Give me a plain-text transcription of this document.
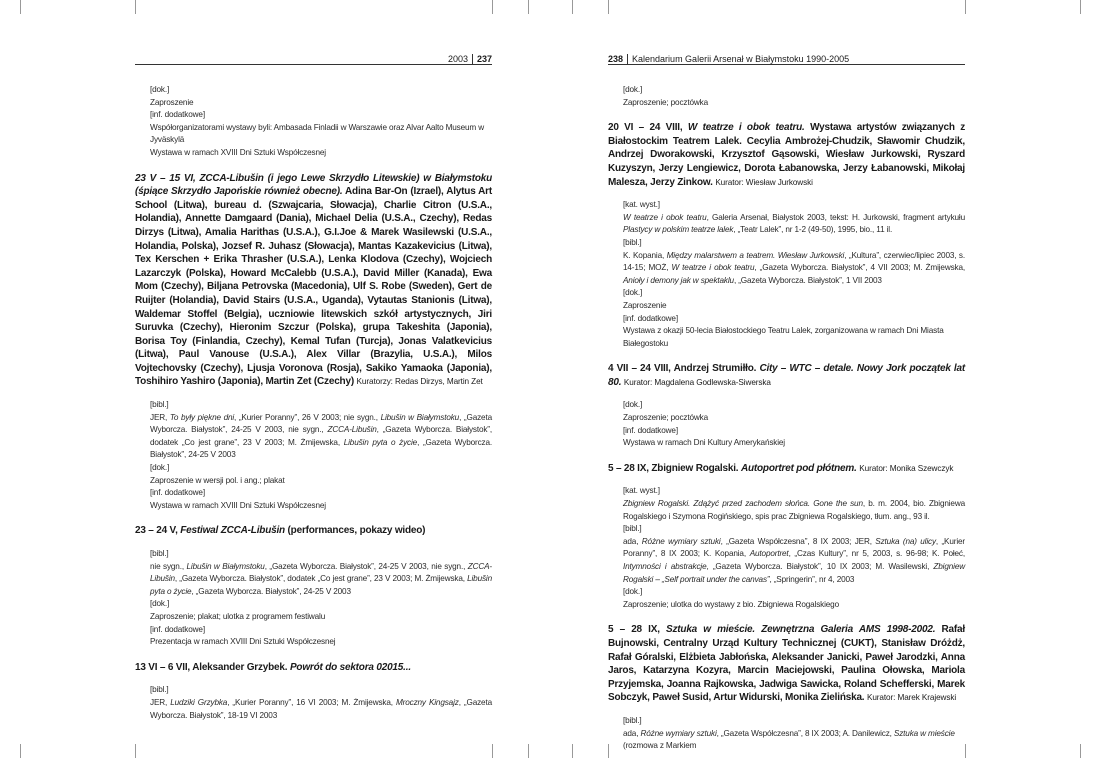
2003 237
[dok.]
Zaproszenie
[inf. dodatkowe]
Współorganizatorami wystawy byli: Ambasada Finladii w Warszawie oraz Alvar Aalto Museum w Jyväskylä
Wystawa w ramach XVIII Dni Sztuki Współczesnej
23 V – 15 VI, ZCCA-Libušin (i jego Lewe Skrzydło Litewskie) w Białymstoku (śpiące Skrzydło Japońskie również obecne). Adina Bar-On (Izrael), Alytus Art School (Litwa), bureau d. (Szwajcaria, Słowacja), Charlie Citron (U.S.A., Holandia), Annette Damgaard (Dania), Michael Delia (U.S.A., Czechy), Redas Dirzys (Litwa), Amalia Harithas (U.S.A.), G.I.Joe & Marek Wasilewski (U.S.A., Holandia, Polska), Jozsef R. Juhasz (Słowacja), Mantas Kazakevicius (Litwa), Tex Kerschen + Erika Thrasher (U.S.A.), Lenka Klodova (Czechy), Wojciech Lazarczyk (Polska), Howard McCalebb (U.S.A.), David Miller (Kanada), Ewa Mom (Czechy), Biljana Petrovska (Macedonia), Ulf S. Robe (Sweden), Gert de Ruijter (Holandia), David Stairs (U.S.A., Uganda), Vytautas Stanionis (Litwa), Waldemar Stoffel (Belgia), uczniowie litewskich szkół artystycznych, Jiri Suruvka (Czechy), Hieronim Szczur (Polska), grupa Takeshita (Japonia), Borisa Toy (Finlandia, Czechy), Kemal Tufan (Turcja), Jonas Valatkevicius (Litwa), Paul Vanouse (U.S.A.), Alex Villar (Brazylia, U.S.A.), Milos Vojtechovsky (Czechy), Ljusja Voronova (Rosja), Sakiko Yamaoka (Japonia), Toshihiro Yashiro (Japonia), Martin Zet (Czechy) Kuratorzy: Redas Dirzys, Martin Zet
[bibl.]
JER, To były piękne dni, „Kurier Poranny”, 26 V 2003; nie sygn., Libušin w Białymstoku, „Gazeta Wyborcza. Białystok”, 24-25 V 2003, nie sygn., ZCCA-Libušin, „Gazeta Wyborcza. Białystok”, dodatek „Co jest grane”, 23 V 2003; M. Żmijewska, Libušin pyta o życie, „Gazeta Wyborcza. Białystok”, 24-25 V 2003
[dok.]
Zaproszenie w wersji pol. i ang.; plakat
[inf. dodatkowe]
Wystawa w ramach XVIII Dni Sztuki Współczesnej
23 – 24 V, Festiwal ZCCA-Libušin (performances, pokazy wideo)
[bibl.]
nie sygn., Libušin w Białymstoku, „Gazeta Wyborcza. Białystok”, 24-25 V 2003, nie sygn., ZCCA-Libušin, „Gazeta Wyborcza. Białystok”, dodatek „Co jest grane”, 23 V 2003; M. Żmijewska, Libušin pyta o życie, „Gazeta Wyborcza. Białystok”, 24-25 V 2003
[dok.]
Zaproszenie; plakat; ulotka z programem festiwalu
[inf. dodatkowe]
Prezentacja w ramach XVIII Dni Sztuki Współczesnej
13 VI – 6 VII, Aleksander Grzybek. Powrót do sektora 02015...
[bibl.]
JER, Ludziki Grzybka, „Kurier Poranny”, 16 VI 2003; M. Żmijewska, Mroczny Kingsajz, „Gazeta Wyborcza. Białystok”, 18-19 VI 2003
238 Kalendarium Galerii Arsenał w Białymstoku 1990-2005
[dok.]
Zaproszenie; pocztówka
20 VI – 24 VIII, W teatrze i obok teatru. Wystawa artystów związanych z Białostockim Teatrem Lalek. Cecylia Ambrożej-Chudzik, Sławomir Chudzik, Andrzej Dworakowski, Krzysztof Gąsowski, Wiesław Jurkowski, Ryszard Kuzyszyn, Jerzy Lengiewicz, Dorota Łabanowska, Jerzy Łabanowski, Mikołaj Malesza, Jerzy Zinkow. Kurator: Wiesław Jurkowski
[kat. wyst.]
W teatrze i obok teatru, Galeria Arsenał, Białystok 2003, tekst: H. Jurkowski, fragment artykułu Plastycy w polskim teatrze lalek, „Teatr Lalek”, nr 1-2 (49-50), 1995, bio., 11 il.
[bibl.]
K. Kopania, Między malarstwem a teatrem. Wiesław Jurkowski, „Kultura”, czerwiec/lipiec 2003, s. 14-15; MOŻ, W teatrze i obok teatru, „Gazeta Wyborcza. Białystok”, 4 VII 2003; M. Żmijewska, Anioły i demony jak w spektaklu, „Gazeta Wyborcza. Białystok”, 1 VII 2003
[dok.]
Zaproszenie
[inf. dodatkowe]
Wystawa z okazji 50-lecia Białostockiego Teatru Lalek, zorganizowana w ramach Dni Miasta Białegostoku
4 VII – 24 VIII, Andrzej Strumiłło. City – WTC – detale. Nowy Jork początek lat 80. Kurator: Magdalena Godlewska-Siwerska
[dok.]
Zaproszenie; pocztówka
[inf. dodatkowe]
Wystawa w ramach Dni Kultury Amerykańskiej
5 – 28 IX, Zbigniew Rogalski. Autoportret pod płótnem. Kurator: Monika Szewczyk
[kat. wyst.]
Zbigniew Rogalski. Zdążyć przed zachodem słońca. Gone the sun, b. m. 2004, bio. Zbigniewa Rogalskiego i Szymona Rogińskiego, spis prac Zbigniewa Rogalskiego, tłum. ang., 93 il.
[bibl.]
ada, Różne wymiary sztuki, „Gazeta Współczesna”, 8 IX 2003; JER, Sztuka (na) ulicy, „Kurier Poranny”, 8 IX 2003; K. Kopania, Autoportret, „Czas Kultury”, nr 5, 2003, s. 96-98; K. Połeć, Intymności i abstrakcje, „Gazeta Wyborcza. Białystok”, 10 IX 2003; M. Wasilewski, Zbigniew Rogalski – „Self portrait under the canvas”, „Springerin”, nr 4, 2003
[dok.]
Zaproszenie; ulotka do wystawy z bio. Zbigniewa Rogalskiego
5 – 28 IX, Sztuka w mieście. Zewnętrzna Galeria AMS 1998-2002. Rafał Bujnowski, Centralny Urząd Kultury Technicznej (CUKT), Stanisław Dróżdż, Rafał Góralski, Elżbieta Jabłońska, Aleksander Janicki, Paweł Jarodzki, Anna Jaros, Katarzyna Kozyra, Marcin Maciejowski, Paulina Ołowska, Mariola Przyjemska, Joanna Rajkowska, Jadwiga Sawicka, Roland Schefferski, Marek Sobczyk, Paweł Susid, Artur Widurski, Monika Zielińska. Kurator: Marek Krajewski
[bibl.]
ada, Różne wymiary sztuki, „Gazeta Współczesna”, 8 IX 2003; A. Danilewicz, Sztuka w mieście (rozmowa z Markiem
